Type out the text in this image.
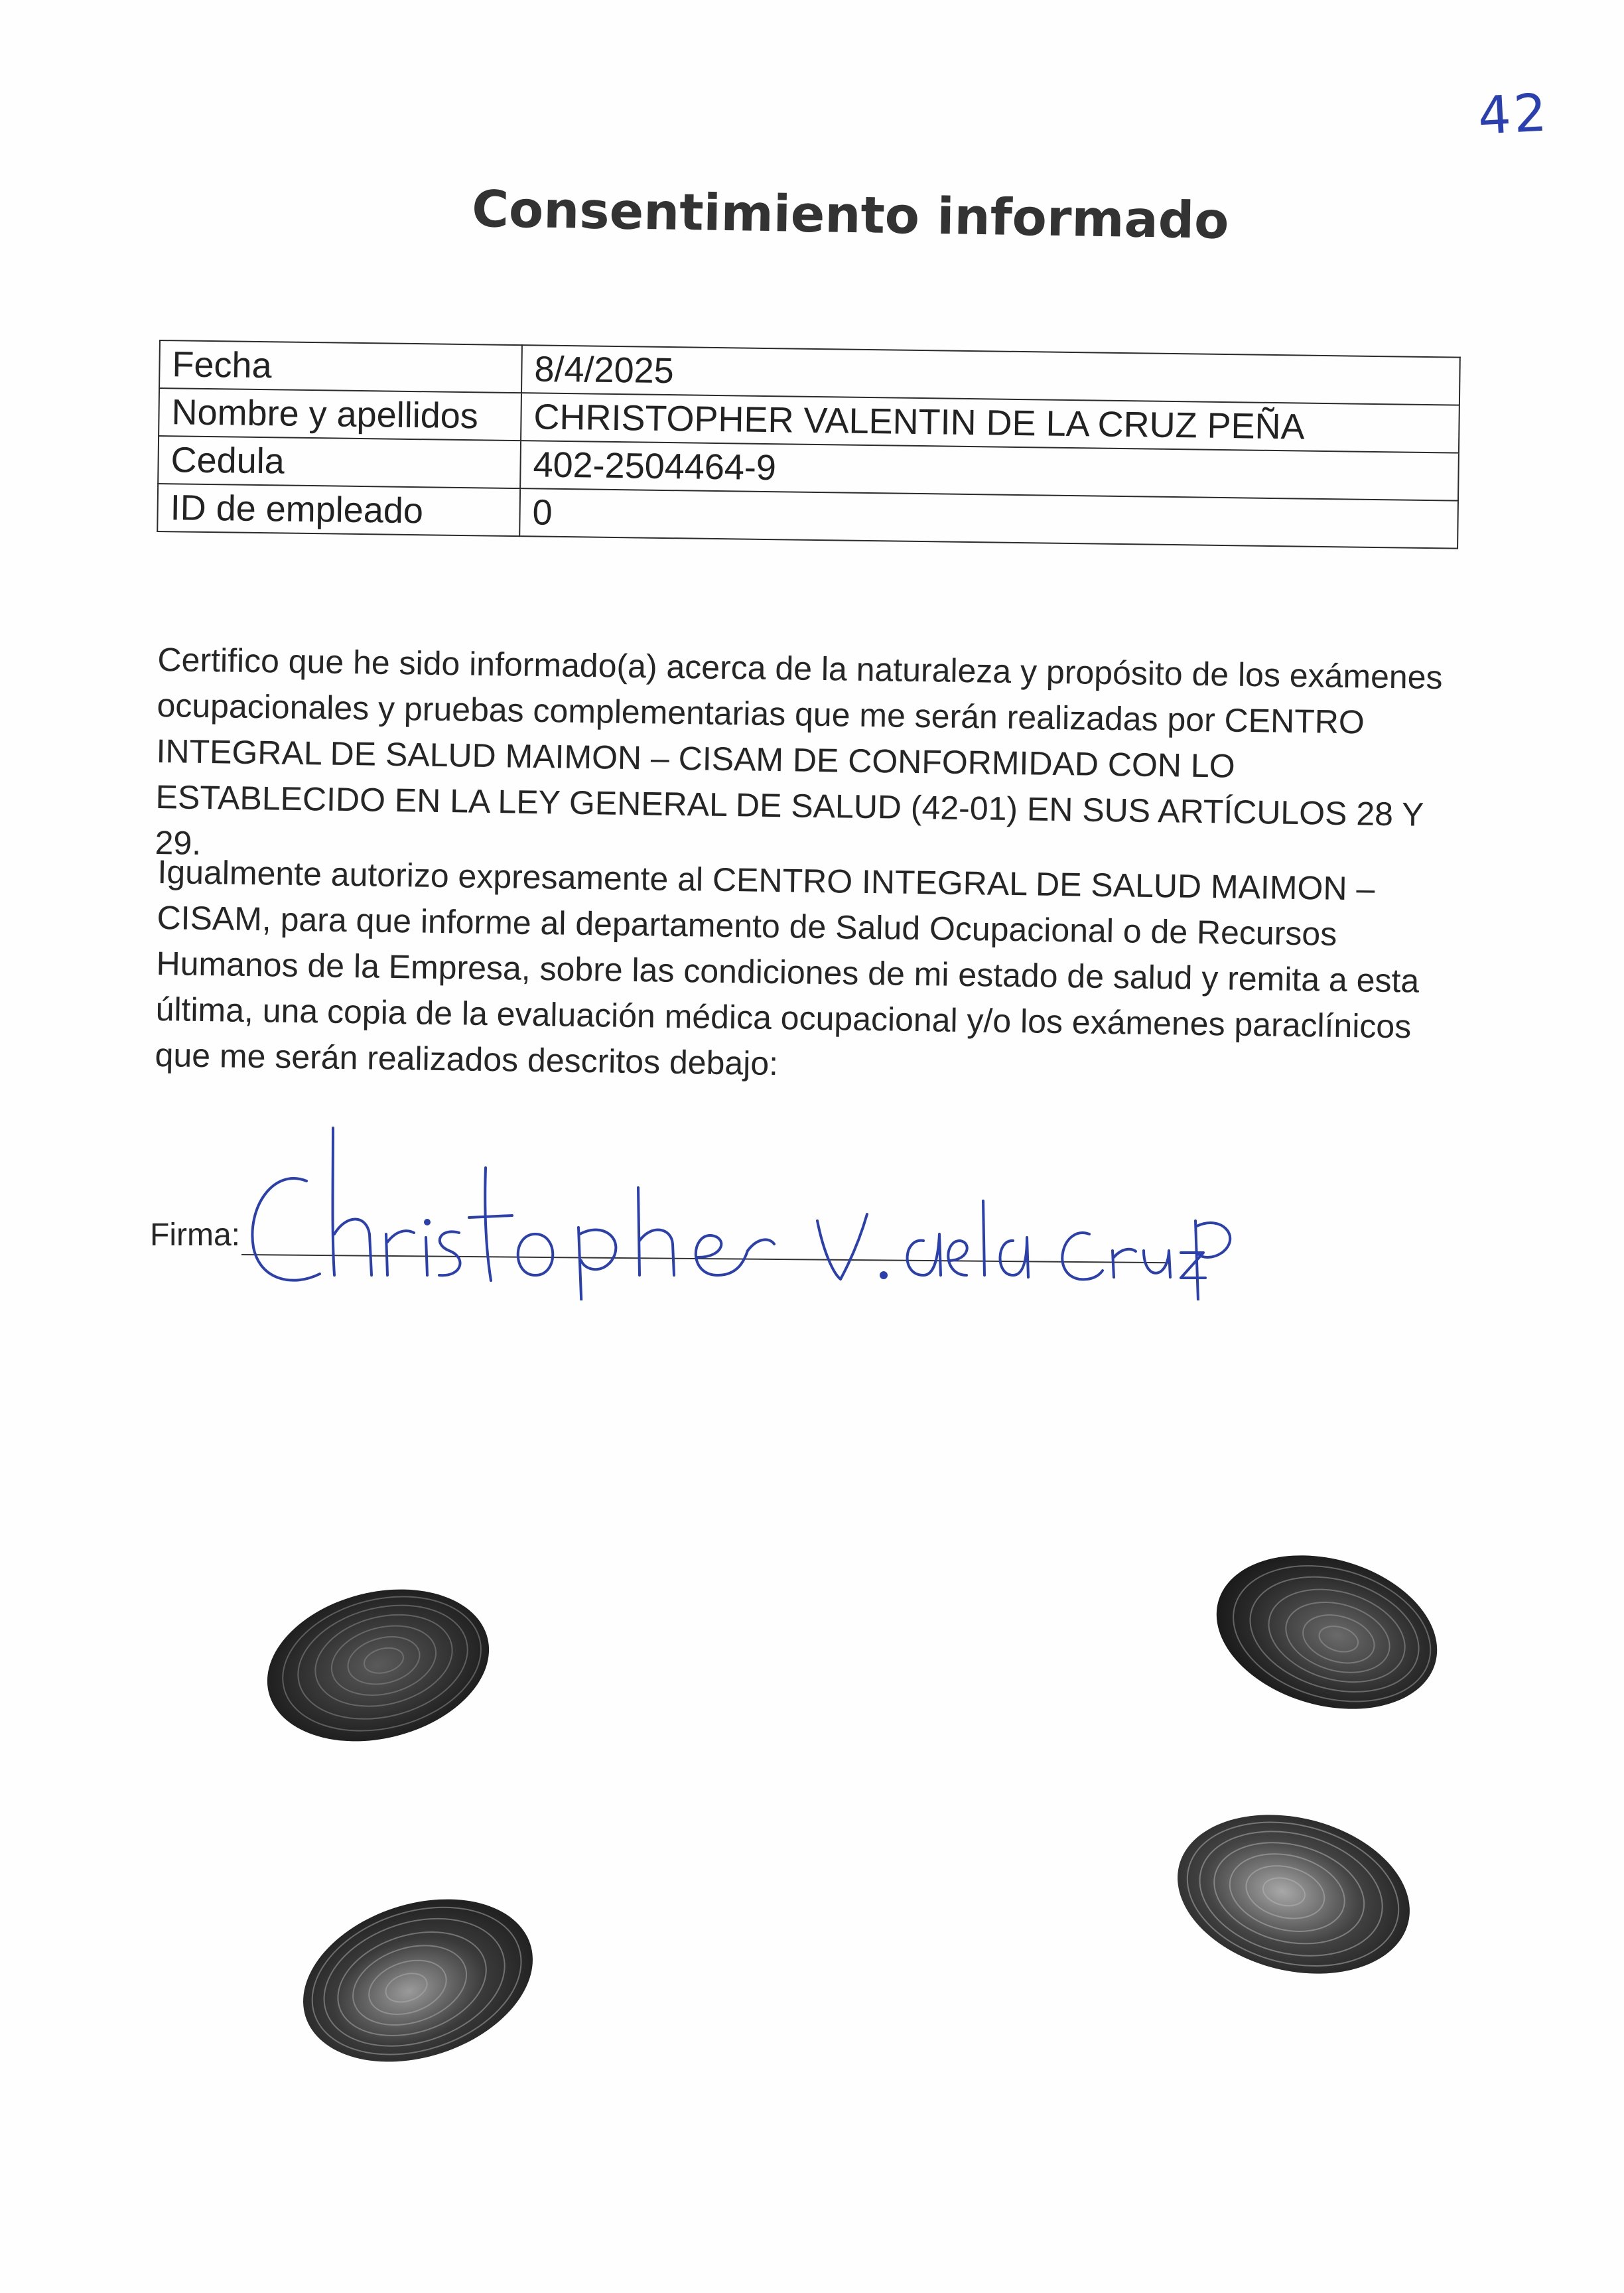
42
Consentimiento informado
Fecha	8/4/2025
Nombre y apellidos	CHRISTOPHER VALENTIN DE LA CRUZ PEÑA
Cedula	402-2504464-9
ID de empleado	0

Certifico que he sido informado(a) acerca de la naturaleza y propósito de los exámenes ocupacionales y pruebas complementarias que me serán realizadas por CENTRO INTEGRAL DE SALUD MAIMON – CISAM DE CONFORMIDAD CON LO ESTABLECIDO EN LA LEY GENERAL DE SALUD (42-01) EN SUS ARTÍCULOS 28 Y 29.

Igualmente autorizo expresamente al CENTRO INTEGRAL DE SALUD MAIMON – CISAM, para que informe al departamento de Salud Ocupacional o de Recursos Humanos de la Empresa, sobre las condiciones de mi estado de salud y remita a esta última, una copia de la evaluación médica ocupacional y/o los exámenes paraclínicos que me serán realizados descritos debajo:

Firma:
